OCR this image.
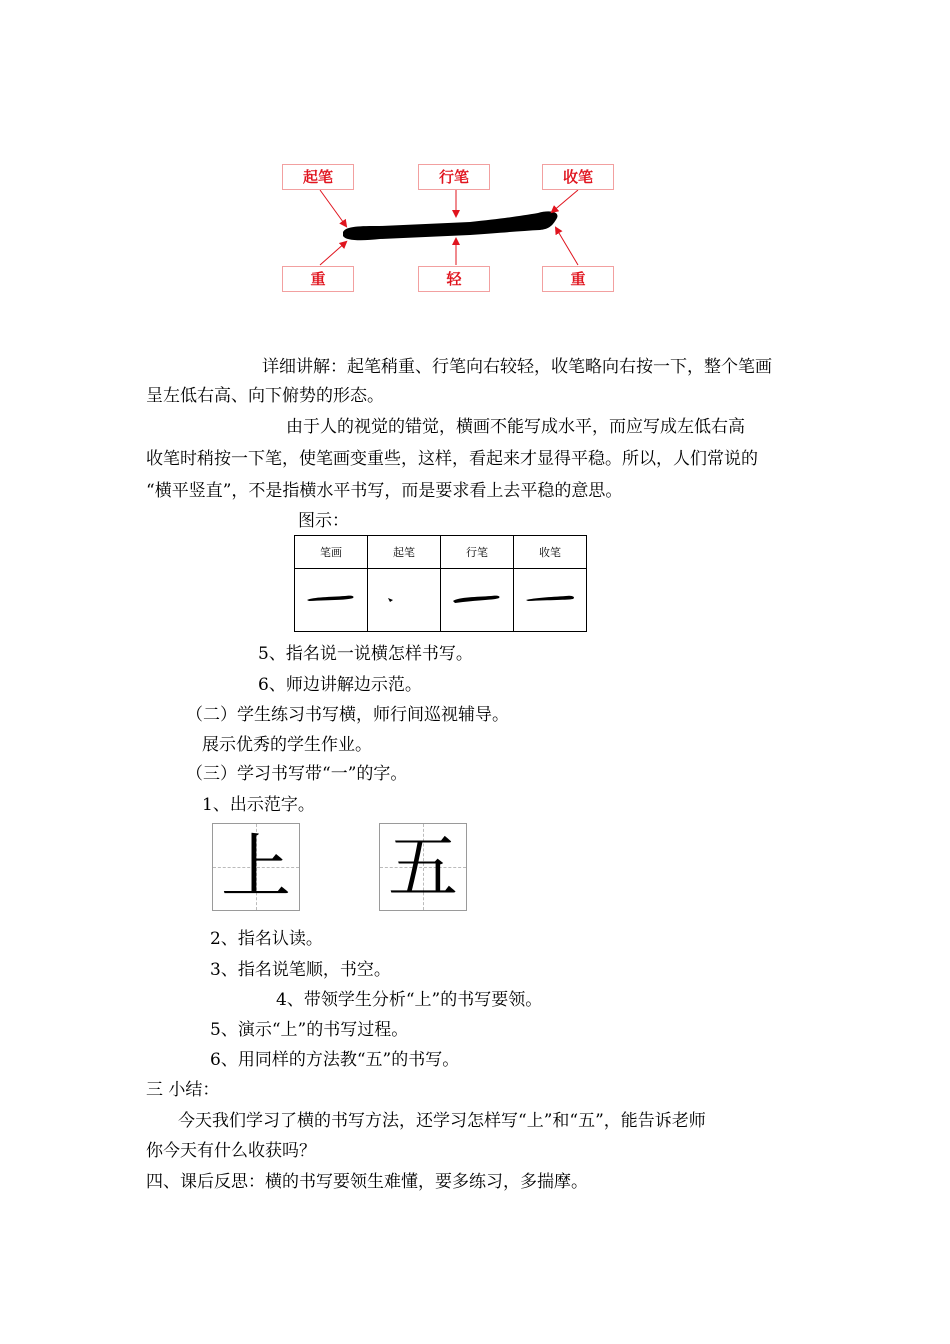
起笔	行笔	收笔
重	轻	重
详细讲解：起笔稍重、行笔向右较轻，收笔略向右按一下，整个笔画
呈左低右高、向下俯势的形态。
由于人的视觉的错觉，横画不能写成水平，而应写成左低右高
收笔时稍按一下笔，使笔画变重些，这样，看起来才显得平稳。所以，人们常说的
“横平竖直”，不是指横水平书写，而是要求看上去平稳的意思。
图示：
笔画	起笔	行笔	收笔

5、指名说一说横怎样书写。
6、师边讲解边示范。
（二）学生练习书写横，师行间巡视辅导。
展示优秀的学生作业。
（三）学习书写带“一”的字。
1、出示范字。
上 五
2、指名认读。
3、指名说笔顺，书空。
4、带领学生分析“上”的书写要领。
5、演示“上”的书写过程。
6、用同样的方法教“五”的书写。
三 小结：
今天我们学习了横的书写方法，还学习怎样写“上”和“五”，能告诉老师
你今天有什么收获吗？
四、课后反思：横的书写要领生难懂，要多练习，多揣摩。
